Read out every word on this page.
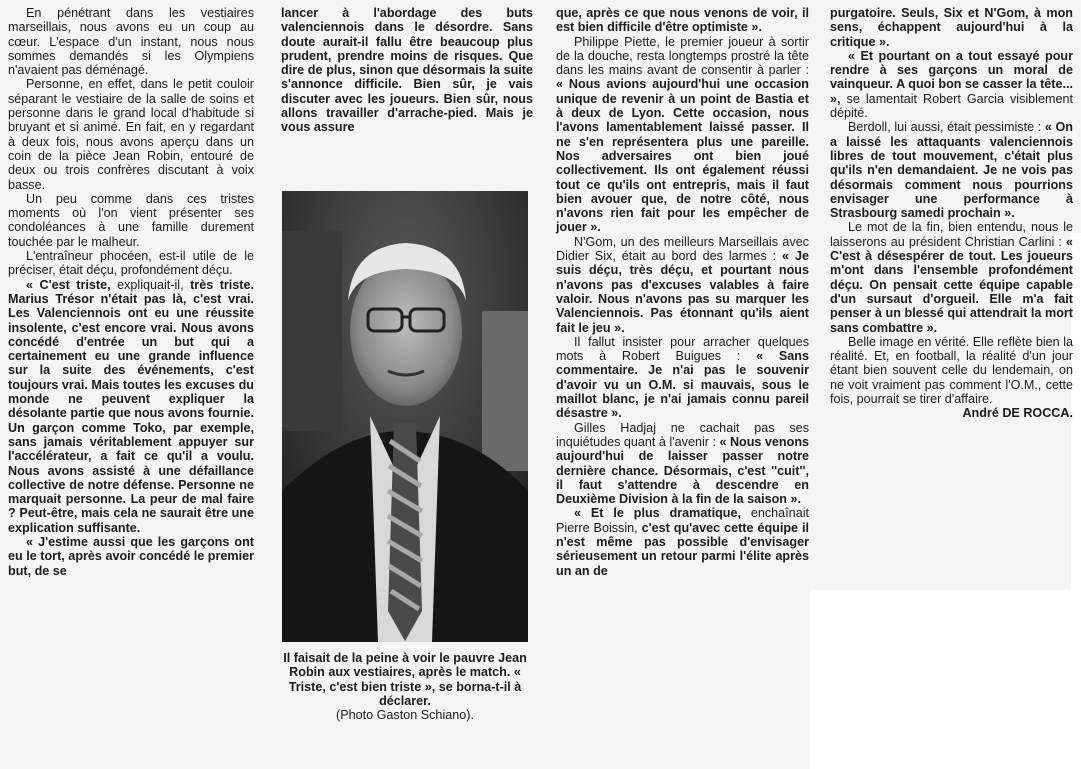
En pénétrant dans les vestiaires marseillais, nous avons eu un coup au cœur. L'espace d'un instant, nous nous sommes demandés si les Olympiens n'avaient pas déménagé.

Personne, en effet, dans le petit couloir séparant le vestiaire de la salle de soins et personne dans le grand local d'habitude si bruyant et si animé. En fait, en y regardant à deux fois, nous avons aperçu dans un coin de la pièce Jean Robin, entouré de deux ou trois confrères discutant à voix basse.

Un peu comme dans ces tristes moments où l'on vient présenter ses condoléances à une famille durement touchée par le malheur.

L'entraîneur phocéen, est-il utile de le préciser, était déçu, profondément déçu.

« C'est triste, expliquait-il, très triste. Marius Trésor n'était pas là, c'est vrai. Les Valenciennois ont eu une réussite insolente, c'est encore vrai. Nous avons concédé d'entrée un but qui a certainement eu une grande influence sur la suite des événements, c'est toujours vrai. Mais toutes les excuses du monde ne peuvent expliquer la désolante partie que nous avons fournie. Un garçon comme Toko, par exemple, sans jamais véritablement appuyer sur l'accélérateur, a fait ce qu'il a voulu. Nous avons assisté à une défaillance collective de notre défense. Personne ne marquait personne. La peur de mal faire ? Peut-être, mais cela ne saurait être une explication suffisante.

« J'estime aussi que les garçons ont eu le tort, après avoir concédé le premier but, de se

lancer à l'abordage des buts valenciennois dans le désordre. Sans doute aurait-il fallu être beaucoup plus prudent, prendre moins de risques. Que dire de plus, sinon que désormais la suite s'annonce difficile. Bien sûr, je vais discuter avec les joueurs. Bien sûr, nous allons travailler d'arrache-pied. Mais je vous assure

Il faisait de la peine à voir le pauvre Jean Robin aux vestiaires, après le match. « Triste, c'est bien triste », se borna-t-il à déclarer.
(Photo Gaston Schiano).

que, après ce que nous venons de voir, il est bien difficile d'être optimiste ».

Philippe Piette, le premier joueur à sortir de la douche, resta longtemps prostré la tête dans les mains avant de consentir à parler : « Nous avions aujourd'hui une occasion unique de revenir à un point de Bastia et à deux de Lyon. Cette occasion, nous l'avons lamentablement laissé passer. Il ne s'en représentera plus une pareille. Nos adversaires ont bien joué collectivement. Ils ont également réussi tout ce qu'ils ont entrepris, mais il faut bien avouer que, de notre côté, nous n'avons rien fait pour les empêcher de jouer ».

N'Gom, un des meilleurs Marseillais avec Didier Six, était au bord des larmes : « Je suis déçu, très déçu, et pourtant nous n'avons pas d'excuses valables à faire valoir. Nous n'avons pas su marquer les Valenciennois. Pas étonnant qu'ils aient fait le jeu ».

Il fallut insister pour arracher quelques mots à Robert Buigues : « Sans commentaire. Je n'ai pas le souvenir d'avoir vu un O.M. si mauvais, sous le maillot blanc, je n'ai jamais connu pareil désastre ».

Gilles Hadjaj ne cachait pas ses inquiétudes quant à l'avenir : « Nous venons aujourd'hui de laisser passer notre dernière chance. Désormais, c'est ''cuit'', il faut s'attendre à descendre en Deuxième Division à la fin de la saison ».

« Et le plus dramatique, enchaînait Pierre Boissin, c'est qu'avec cette équipe il n'est même pas possible d'envisager sérieusement un retour parmi l'élite après un an de

purgatoire. Seuls, Six et N'Gom, à mon sens, échappent aujourd'hui à la critique ».

« Et pourtant on a tout essayé pour rendre à ses garçons un moral de vainqueur. A quoi bon se casser la tête... », se lamentait Robert Garcia visiblement dépité.

Berdoll, lui aussi, était pessimiste : « On a laissé les attaquants valenciennois libres de tout mouvement, c'était plus qu'ils n'en demandaient. Je ne vois pas désormais comment nous pourrions envisager une performance à Strasbourg samedi prochain ».

Le mot de la fin, bien entendu, nous le laisserons au président Christian Carlini : « C'est à désespérer de tout. Les joueurs m'ont dans l'ensemble profondément déçu. On pensait cette équipe capable d'un sursaut d'orgueil. Elle m'a fait penser à un blessé qui attendrait la mort sans combattre ».

Belle image en vérité. Elle reflète bien la réalité. Et, en football, la réalité d'un jour étant bien souvent celle du lendemain, on ne voit vraiment pas comment l'O.M., cette fois, pourrait se tirer d'affaire.

André DE ROCCA.
